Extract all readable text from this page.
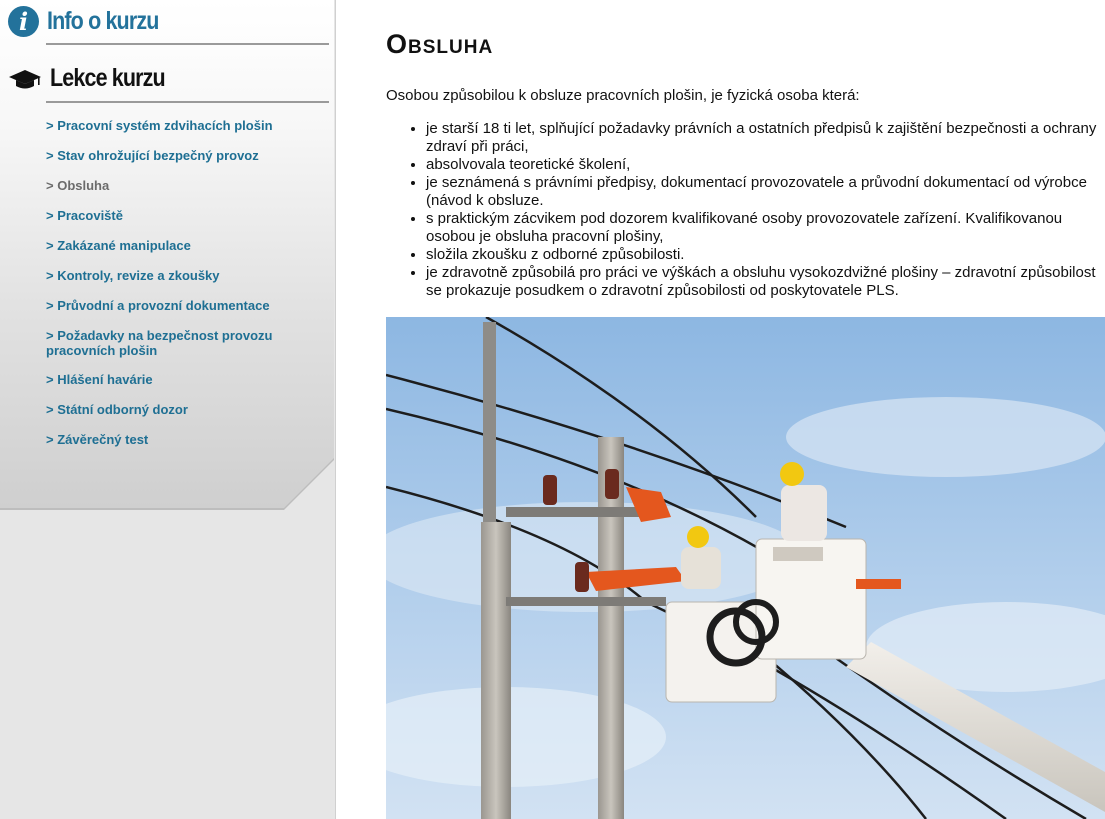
i Info o kurzu
Lekce kurzu
> Pracovní systém zdvihacích plošin
> Stav ohrožující bezpečný provoz
> Obsluha
> Pracoviště
> Zakázané manipulace
> Kontroly, revize a zkoušky
> Průvodní a provozní dokumentace
> Požadavky na bezpečnost provozu pracovních plošin
> Hlášení havárie
> Státní odborný dozor
> Závěrečný test
Obsluha

Osobou způsobilou k obsluze pracovních plošin, je fyzická osoba která:

• je starší 18 ti let, splňující požadavky právních a ostatních předpisů k zajištění bezpečnosti a ochrany zdraví při práci,
• absolvovala teoretické školení,
• je seznámená s právními předpisy, dokumentací provozovatele a průvodní dokumentací od výrobce (návod k obsluze.
• s praktickým zácvikem pod dozorem kvalifikované osoby provozovatele zařízení. Kvalifikovanou osobou je obsluha pracovní plošiny,
• složila zkoušku z odborné způsobilosti.
• je zdravotně způsobilá pro práci ve výškách a obsluhu vysokozdvižné plošiny – zdravotní způsobilost se prokazuje posudkem o zdravotní způsobilosti od poskytovatele PLS.
